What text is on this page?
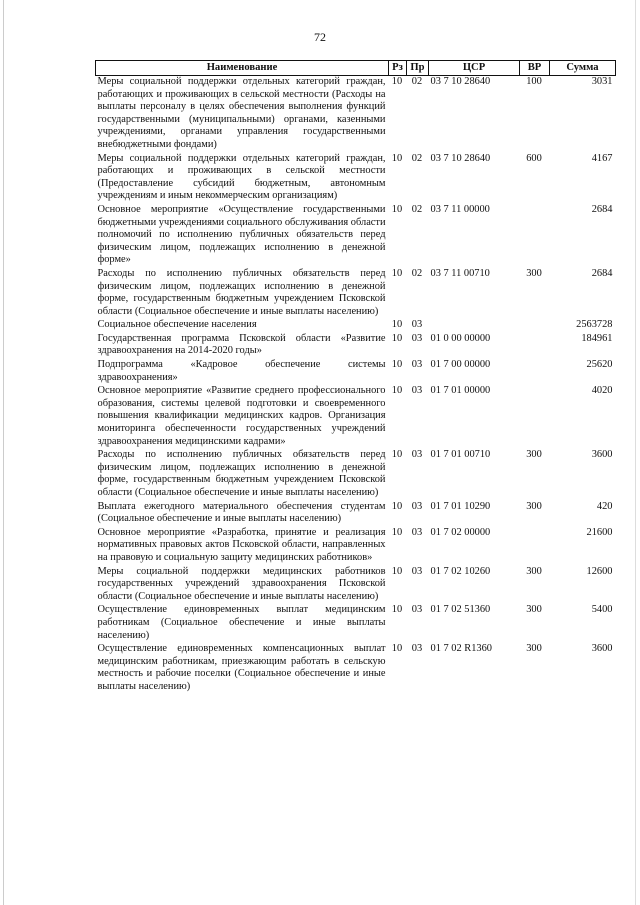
72
Наименование	Рз	Пр	ЦСР	ВР	Сумма
Меры социальной поддержки отдельных категорий граждан, работающих и проживающих в сельской местности (Расходы на выплаты персоналу в целях обеспечения выполнения функций государственными (муниципальными) органами, казенными учреждениями, органами управления государственными внебюджетными фондами)	10	02	03 7 10 28640	100	3031
Меры социальной поддержки отдельных категорий граждан, работающих и проживающих в сельской местности (Предоставление субсидий бюджетным, автономным учреждениям и иным некоммерческим организациям)	10	02	03 7 10 28640	600	4167
Основное мероприятие «Осуществление государственными бюджетными учреждениями социального обслуживания области полномочий по исполнению публичных обязательств перед физическим лицом, подлежащих исполнению в денежной форме»	10	02	03 7 11 00000		2684
Расходы по исполнению публичных обязательств перед физическим лицом, подлежащих исполнению в денежной форме, государственным бюджетным учреждением Псковской области (Социальное обеспечение и иные выплаты населению)	10	02	03 7 11 00710	300	2684
Социальное обеспечение населения	10	03			2563728
Государственная программа Псковской области «Развитие здравоохранения на 2014-2020 годы»	10	03	01 0 00 00000		184961
Подпрограмма «Кадровое обеспечение системы здравоохранения»	10	03	01 7 00 00000		25620
Основное мероприятие «Развитие среднего профессионального образования, системы целевой подготовки и своевременного повышения квалификации медицинских кадров. Организация мониторинга обеспеченности государственных учреждений здравоохранения медицинскими кадрами»	10	03	01 7 01 00000		4020
Расходы по исполнению публичных обязательств перед физическим лицом, подлежащих исполнению в денежной форме, государственным бюджетным учреждением Псковской области (Социальное обеспечение и иные выплаты населению)	10	03	01 7 01 00710	300	3600
Выплата ежегодного материального обеспечения студентам (Социальное обеспечение и иные выплаты населению)	10	03	01 7 01 10290	300	420
Основное мероприятие «Разработка, принятие и реализация нормативных правовых актов Псковской области, направленных на правовую и социальную защиту медицинских работников»	10	03	01 7 02 00000		21600
Меры социальной поддержки медицинских работников государственных учреждений здравоохранения Псковской области (Социальное обеспечение и иные выплаты населению)	10	03	01 7 02 10260	300	12600
Осуществление единовременных выплат медицинским работникам (Социальное обеспечение и иные выплаты населению)	10	03	01 7 02 51360	300	5400
Осуществление единовременных компенсационных выплат медицинским работникам, приезжающим работать в сельскую местность и рабочие поселки (Социальное обеспечение и иные выплаты населению)	10	03	01 7 02 R1360	300	3600
